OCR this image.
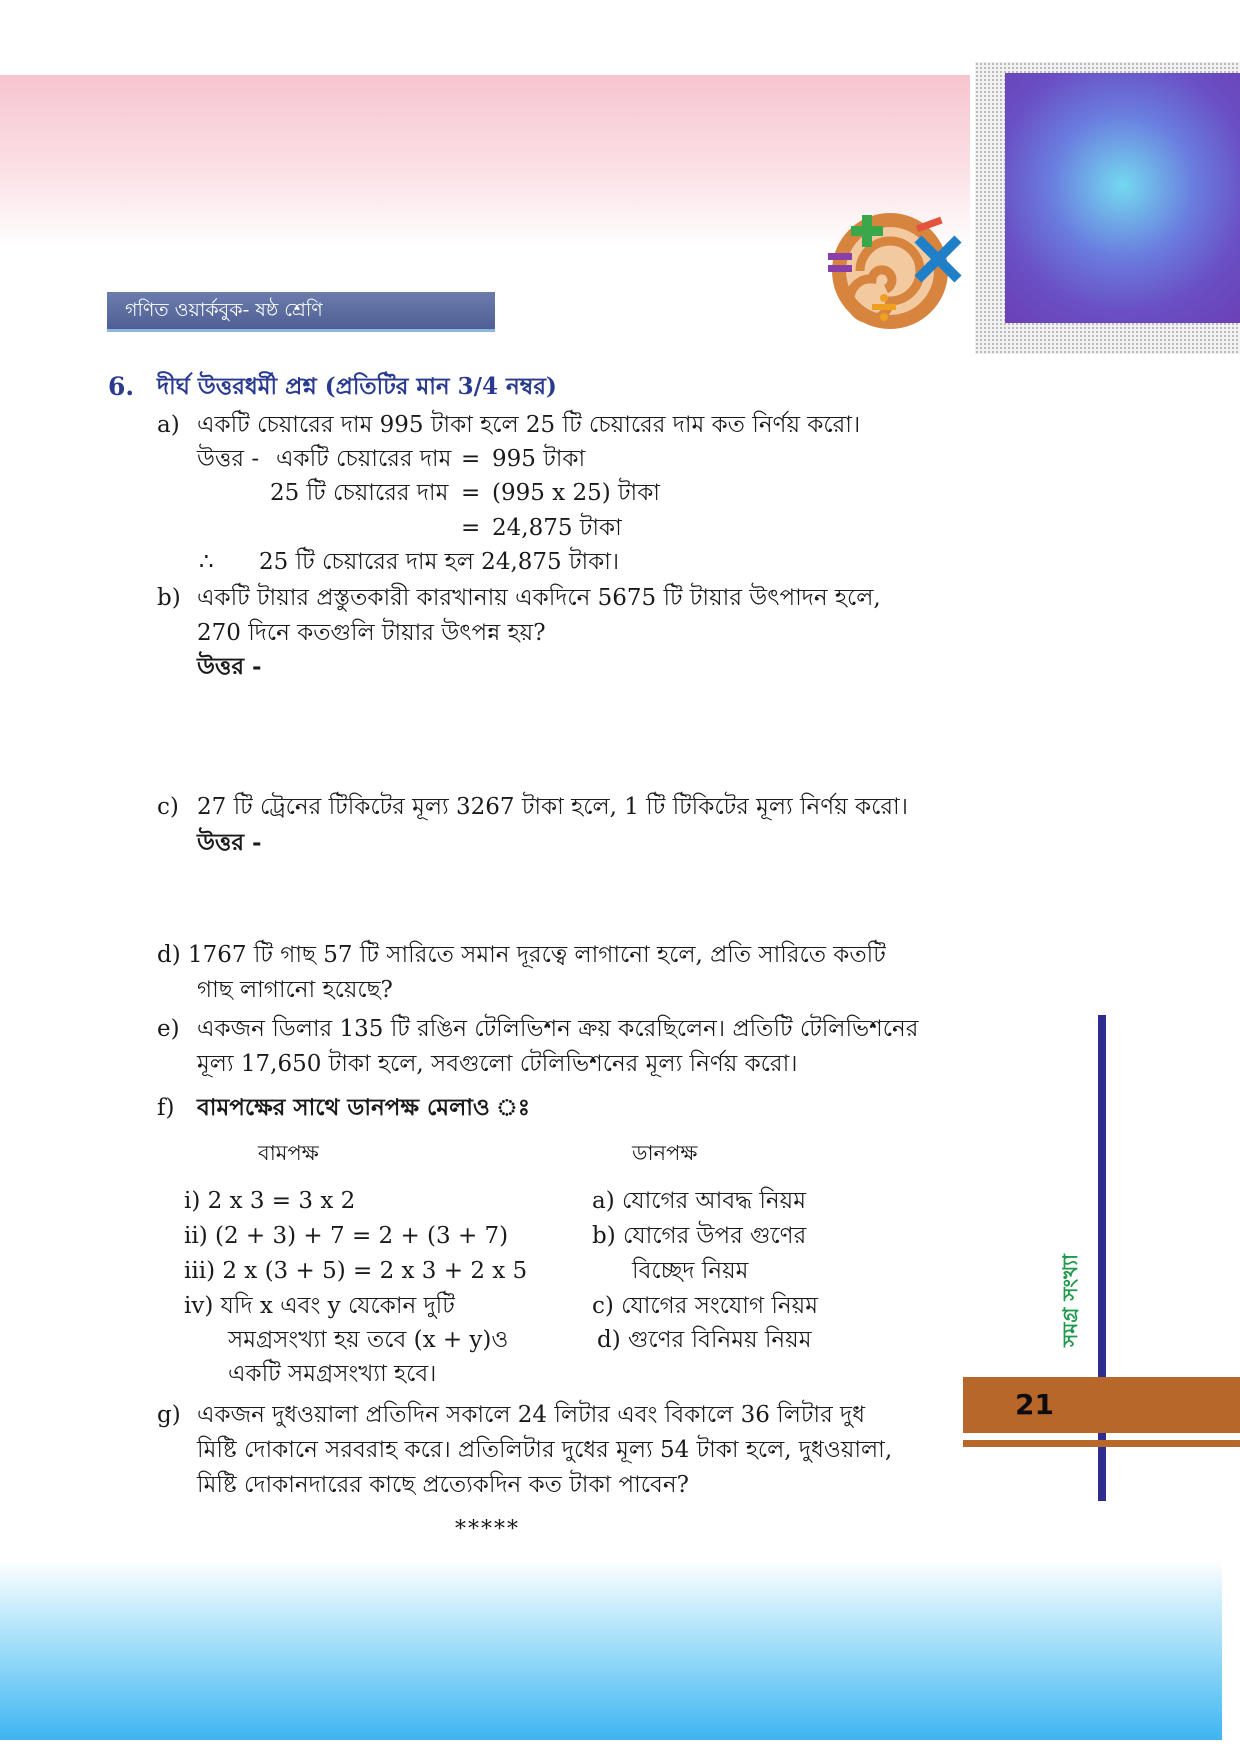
গণিত ওয়ার্কবুক- ষষ্ঠ শ্রেণি
6. দীর্ঘ উত্তরধর্মী প্রশ্ন (প্রতিটির মান 3/4 নম্বর)
a) একটি চেয়ারের দাম 995 টাকা হলে 25 টি চেয়ারের দাম কত নির্ণয় করো।
উত্তর - একটি চেয়ারের দাম = 995 টাকা
25 টি চেয়ারের দাম = (995 x 25) টাকা
= 24,875 টাকা
∴ 25 টি চেয়ারের দাম হল 24,875 টাকা।
b) একটি টায়ার প্রস্তুতকারী কারখানায় একদিনে 5675 টি টায়ার উৎপাদন হলে,
270 দিনে কতগুলি টায়ার উৎপন্ন হয়?
উত্তর -
c) 27 টি ট্রেনের টিকিটের মূল্য 3267 টাকা হলে, 1 টি টিকিটের মূল্য নির্ণয় করো।
উত্তর -
d) 1767 টি গাছ 57 টি সারিতে সমান দূরত্বে লাগানো হলে, প্রতি সারিতে কতটি
গাছ লাগানো হয়েছে?
e) একজন ডিলার 135 টি রঙিন টেলিভিশন ক্রয় করেছিলেন। প্রতিটি টেলিভিশনের
মূল্য 17,650 টাকা হলে, সবগুলো টেলিভিশনের মূল্য নির্ণয় করো।
f) বামপক্ষের সাথে ডানপক্ষ মেলাও ঃ
বামপক্ষ	ডানপক্ষ
i) 2 x 3 = 3 x 2
ii) (2 + 3) + 7 = 2 + (3 + 7)
iii) 2 x (3 + 5) = 2 x 3 + 2 x 5
iv) যদি x এবং y যেকোন দুটি
সমগ্রসংখ্যা হয় তবে (x + y)ও
একটি সমগ্রসংখ্যা হবে।
a) যোগের আবদ্ধ নিয়ম
b) যোগের উপর গুণের
বিচ্ছেদ নিয়ম
c) যোগের সংযোগ নিয়ম
d) গুণের বিনিময় নিয়ম
g) একজন দুধওয়ালা প্রতিদিন সকালে 24 লিটার এবং বিকালে 36 লিটার দুধ
মিষ্টি দোকানে সরবরাহ করে। প্রতিলিটার দুধের মূল্য 54 টাকা হলে, দুধওয়ালা,
মিষ্টি দোকানদারের কাছে প্রত্যেকদিন কত টাকা পাবেন?
*****
সমগ্র সংখ্যা
21
